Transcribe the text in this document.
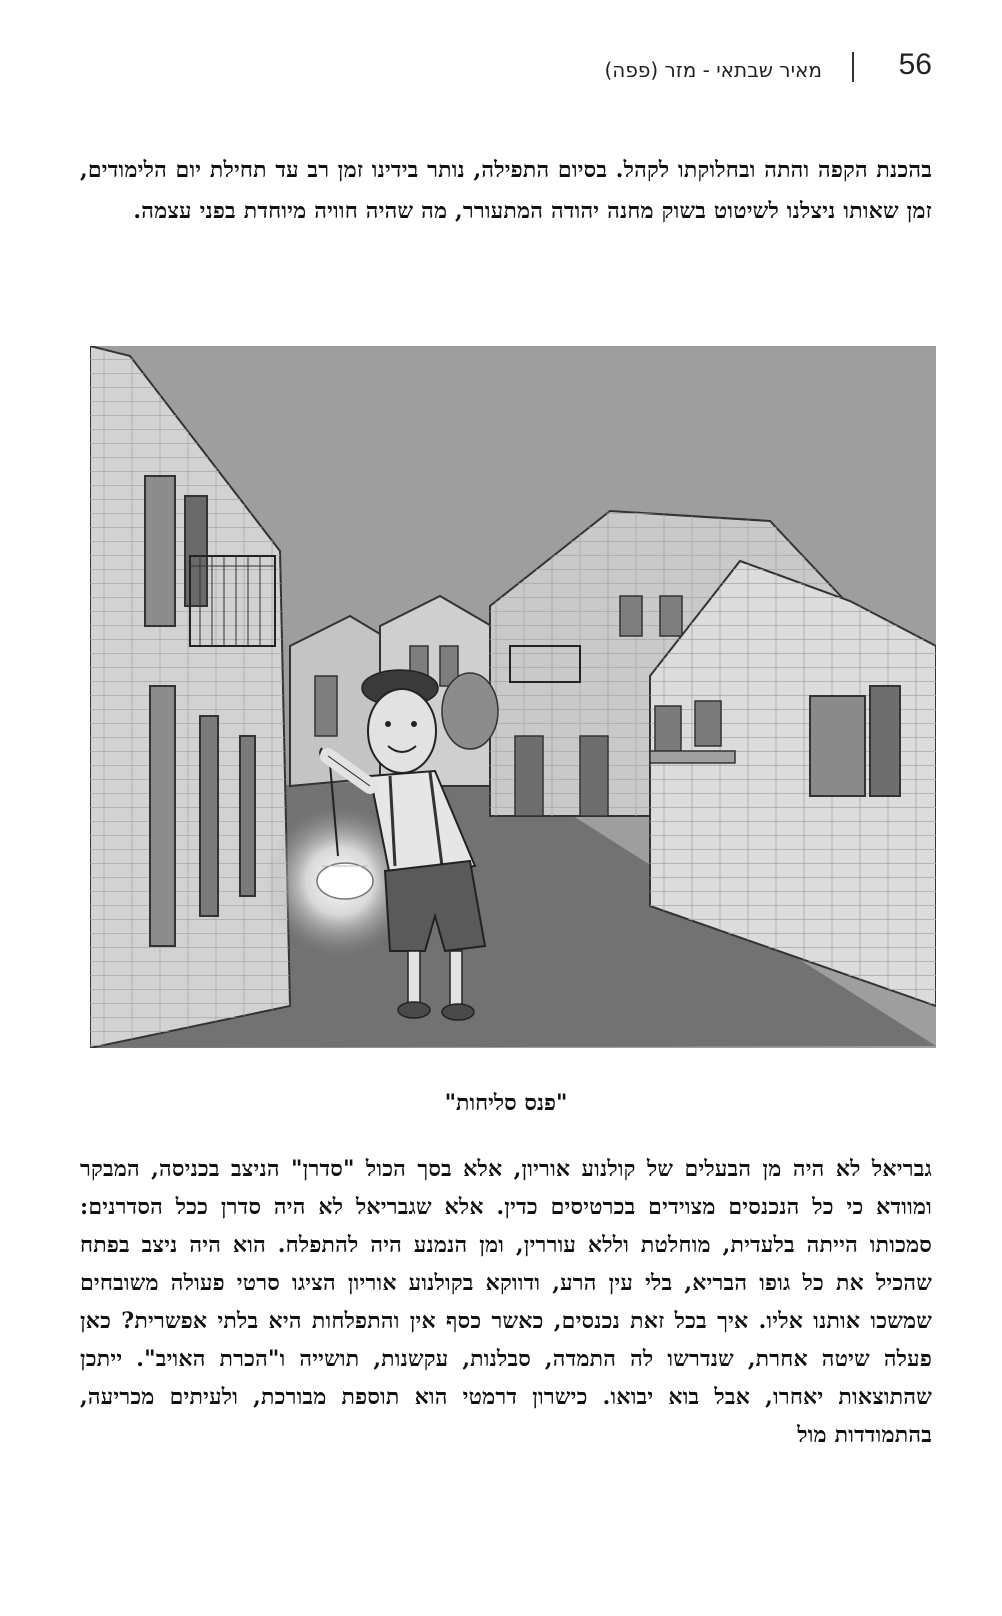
56
מאיר שבתאי - מזר (פפה)

בהכנת הקפה והתה ובחלוקתו לקהל. בסיום התפילה, נותר בידינו זמן רב עד תחילת יום הלימודים, זמן שאותו ניצלנו לשיטוט בשוק מחנה יהודה המתעורר, מה שהיה חוויה מיוחדת בפני עצמה.

"פנס סליחות"

גבריאל לא היה מן הבעלים של קולנוע אוריון, אלא בסך הכול "סדרן" הניצב בכניסה, המבקר ומוודא כי כל הנכנסים מצוידים בכרטיסים כדין. אלא שגבריאל לא היה סדרן ככל הסדרנים: סמכותו הייתה בלעדית, מוחלטת וללא עוררין, ומן הנמנע היה להתפלח. הוא היה ניצב בפתח שהכיל את כל גופו הבריא, בלי עין הרע, ודווקא בקולנוע אוריון הציגו סרטי פעולה משובחים שמשכו אותנו אליו. איך בכל זאת נכנסים, כאשר כסף אין והתפלחות היא בלתי אפשרית? כאן פעלה שיטה אחרת, שנדרשו לה התמדה, סבלנות, עקשנות, תושייה ו"הכרת האויב". ייתכן שהתוצאות יאחרו, אבל בוא יבואו. כישרון דרמטי הוא תוספת מבורכת, ולעיתים מכריעה, בהתמודדות מול
